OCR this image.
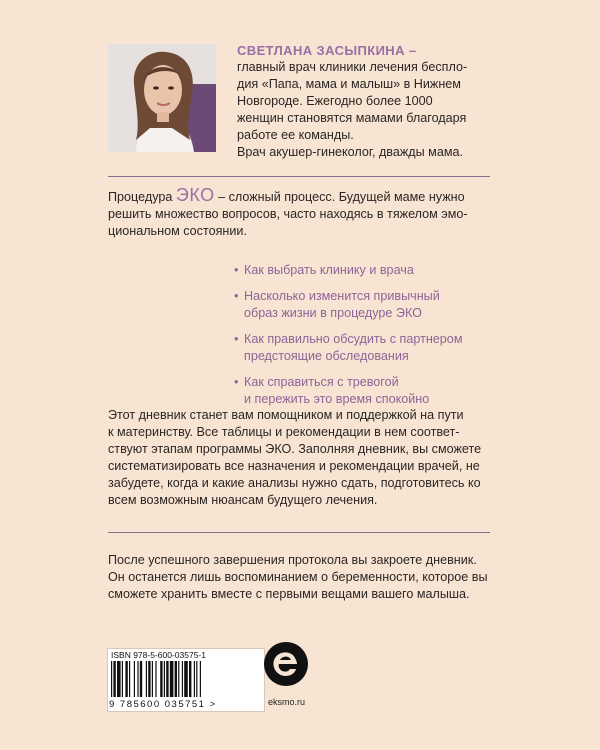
СВЕТЛАНА ЗАСЫПКИНА –
главный врач клиники лечения беспло-
дия «Папа, мама и малыш» в Нижнем
Новгороде. Ежегодно более 1000
женщин становятся мамами благодаря
работе ее команды.
Врач акушер-гинеколог, дважды мама.
Процедура ЭКО – сложный процесс. Будущей маме нужно
решить множество вопросов, часто находясь в тяжелом эмо-
циональном состоянии.
• Как выбрать клинику и врача
• Насколько изменится привычный
образ жизни в процедуре ЭКО
• Как правильно обсудить с партнером
предстоящие обследования
• Как справиться с тревогой
и пережить это время спокойно
Этот дневник станет вам помощником и поддержкой на пути
к материнству. Все таблицы и рекомендации в нем соответ-
ствуют этапам программы ЭКО. Заполняя дневник, вы сможете
систематизировать все назначения и рекомендации врачей, не
забудете, когда и какие анализы нужно сдать, подготовитесь ко
всем возможным нюансам будущего лечения.
После успешного завершения протокола вы закроете дневник.
Он останется лишь воспоминанием о беременности, которое вы
сможете хранить вместе с первыми вещами вашего малыша.
ISBN 978-5-600-03575-1
9 785600 035751 >	eksmo.ru
